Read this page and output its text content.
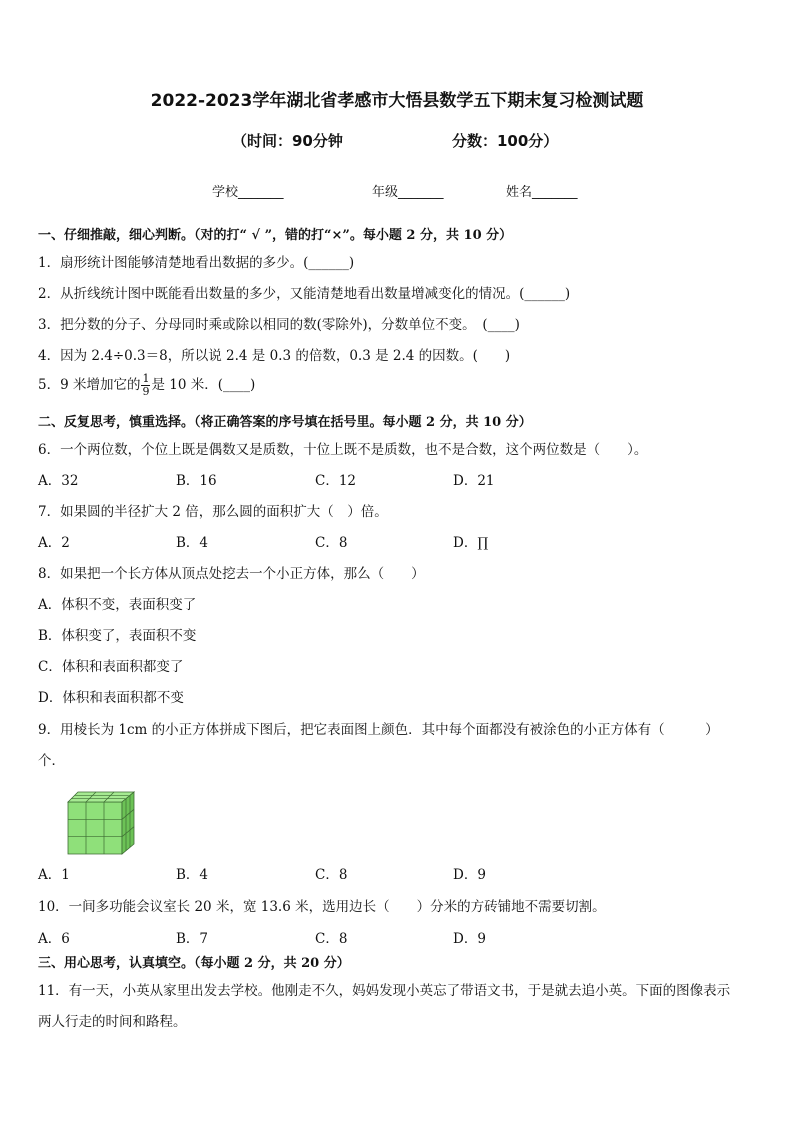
2022-2023学年湖北省孝感市大悟县数学五下期末复习检测试题
（时间：90分钟	分数：100分）
学校_______	年级_______	姓名_______
一、仔细推敲，细心判断。（对的打“ √ ”，错的打“×”。每小题 2 分，共 10 分）
1．扇形统计图能够清楚地看出数据的多少。(______)
2．从折线统计图中既能看出数量的多少，又能清楚地看出数量增减变化的情况。(______)
3．把分数的分子、分母同时乘或除以相同的数(零除外)，分数单位不变。　(____)
4．因为 2.4÷0.3＝8，所以说 2.4 是 0.3 的倍数，0.3 是 2.4 的因数。(　　)
5．9 米增加它的 $\frac{1}{9}$ 是 10 米．(____)
二、反复思考，慎重选择。（将正确答案的序号填在括号里。每小题 2 分，共 10 分）
6．一个两位数，个位上既是偶数又是质数，十位上既不是质数，也不是合数，这个两位数是（　　）。
A．32	B．16	C．12	D．21
7．如果圆的半径扩大 2 倍，那么圆的面积扩大（　）倍。
A．2	B．4	C．8	D．∏
8．如果把一个长方体从顶点处挖去一个小正方体，那么（　　）
A．体积不变，表面积变了
B．体积变了，表面积不变
C．体积和表面积都变了
D．体积和表面积都不变
9．用棱长为 1cm 的小正方体拼成下图后，把它表面图上颜色．其中每个面都没有被涂色的小正方体有（　　　）
个．
A．1	B．4	C．8	D．9
10．一间多功能会议室长 20 米，宽 13.6 米，选用边长（　　）分米的方砖铺地不需要切割。
A．6	B．7	C．8	D．9
三、用心思考，认真填空。（每小题 2 分，共 20 分）
11．有一天，小英从家里出发去学校。他刚走不久，妈妈发现小英忘了带语文书，于是就去追小英。下面的图像表示
两人行走的时间和路程。
